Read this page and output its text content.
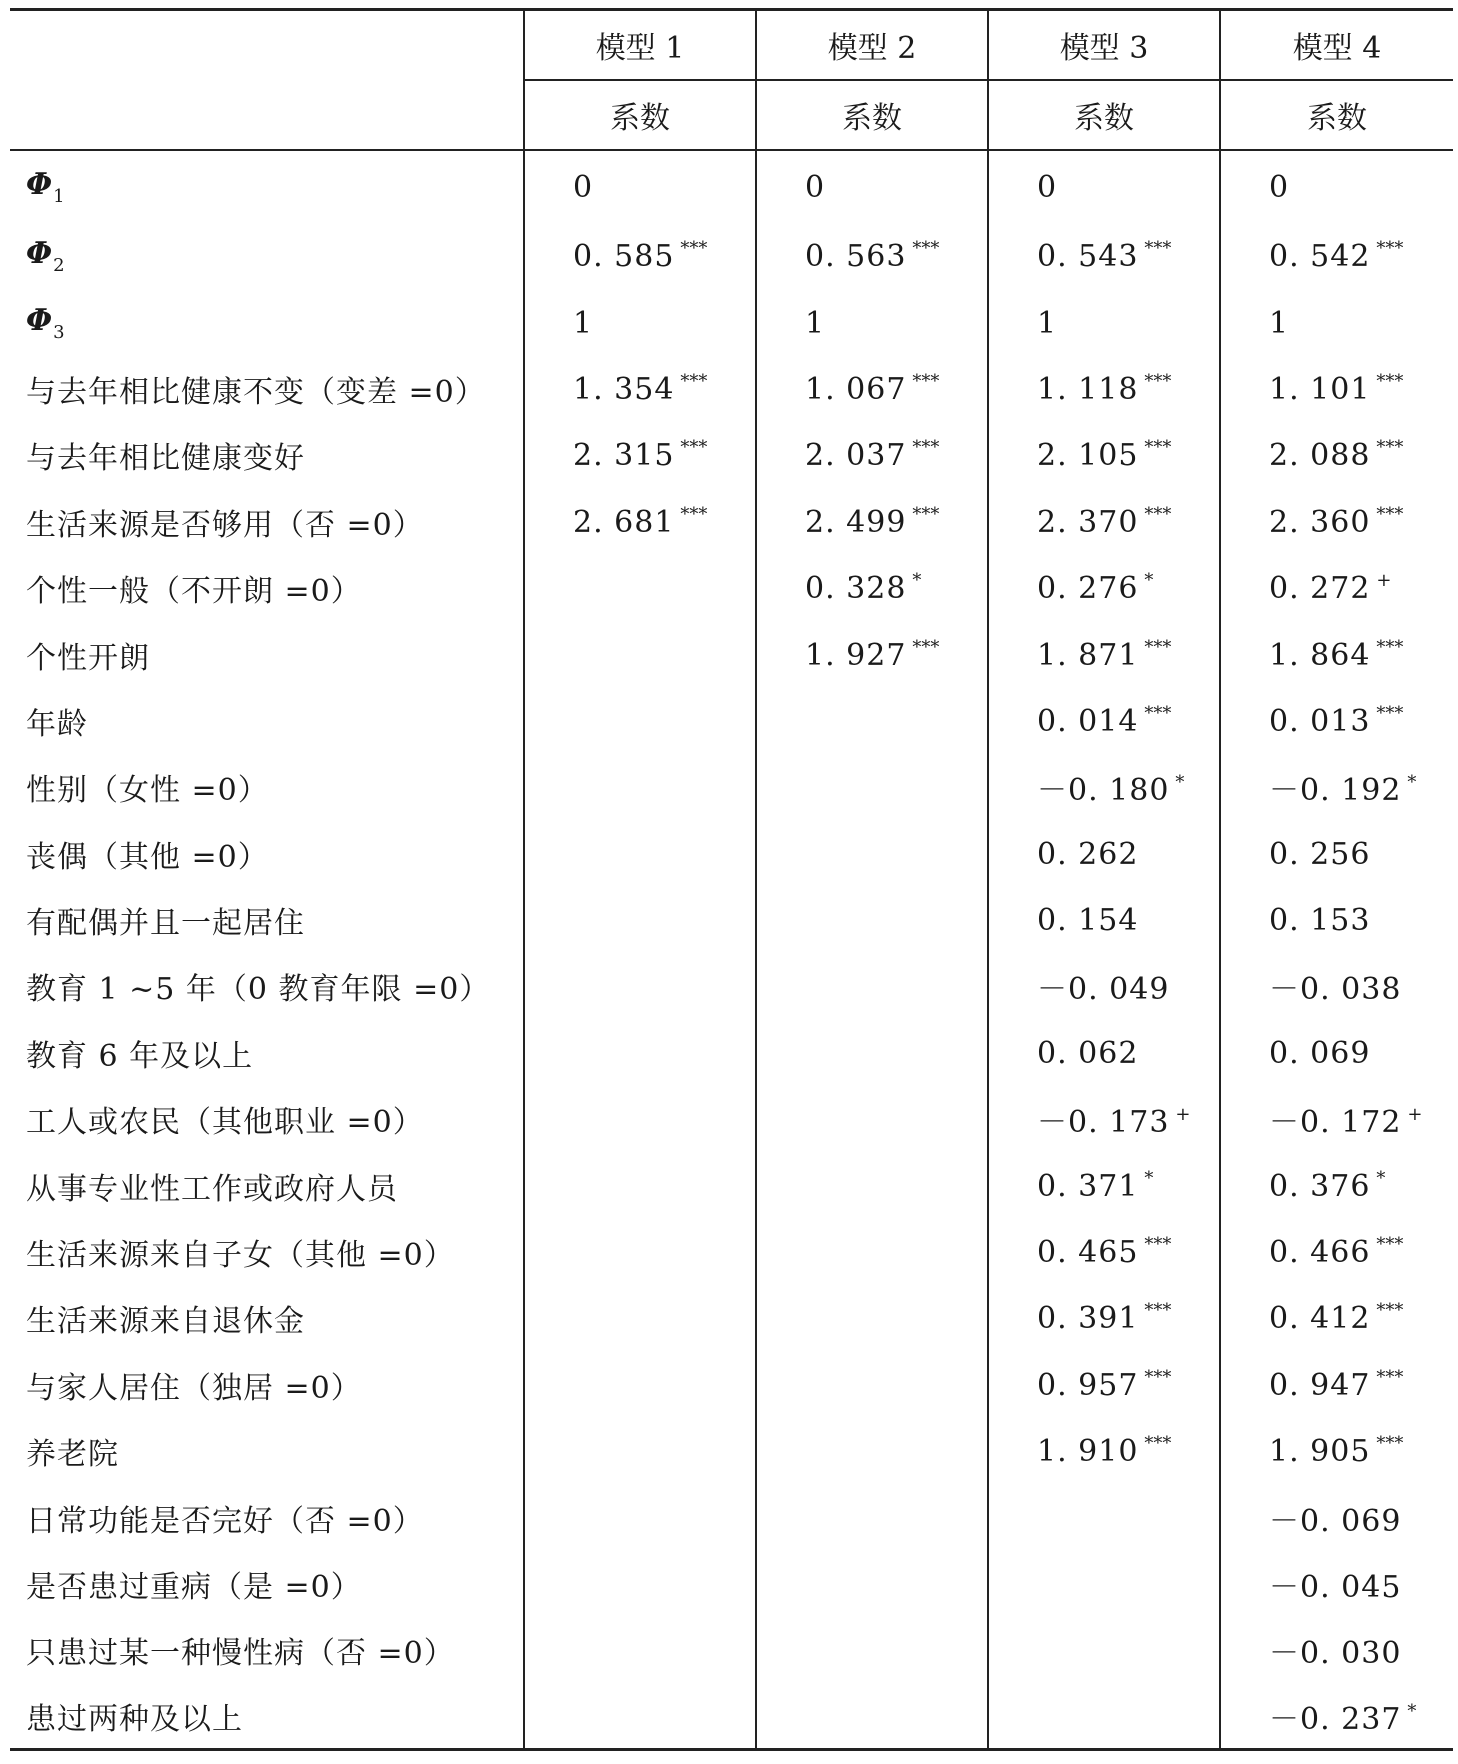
	模型 1	模型 2	模型 3	模型 4
	系数	系数	系数	系数
$\Phi_1$	0	0	0	0
$\Phi_2$	0. 585 ***	0. 563 ***	0. 543 ***	0. 542 ***
$\Phi_3$	1	1	1	1
与去年相比健康不变（变差 =0）	1. 354 ***	1. 067 ***	1. 118 ***	1. 101 ***
与去年相比健康变好	2. 315 ***	2. 037 ***	2. 105 ***	2. 088 ***
生活来源是否够用（否 =0）	2. 681 ***	2. 499 ***	2. 370 ***	2. 360 ***
个性一般（不开朗 =0）		0. 328 *	0. 276 *	0. 272 +
个性开朗		1. 927 ***	1. 871 ***	1. 864 ***
年龄			0. 014 ***	0. 013 ***
性别（女性 =0）			－0. 180 *	－0. 192 *
丧偶（其他 =0）			0. 262	0. 256
有配偶并且一起居住			0. 154	0. 153
教育 1 ~5 年（0 教育年限 =0）			－0. 049	－0. 038
教育 6 年及以上			0. 062	0. 069
工人或农民（其他职业 =0）			－0. 173 +	－0. 172 +
从事专业性工作或政府人员			0. 371 *	0. 376 *
生活来源来自子女（其他 =0）			0. 465 ***	0. 466 ***
生活来源来自退休金			0. 391 ***	0. 412 ***
与家人居住（独居 =0）			0. 957 ***	0. 947 ***
养老院			1. 910 ***	1. 905 ***
日常功能是否完好（否 =0）				－0. 069
是否患过重病（是 =0）				－0. 045
只患过某一种慢性病（否 =0）				－0. 030
患过两种及以上				－0. 237 *
